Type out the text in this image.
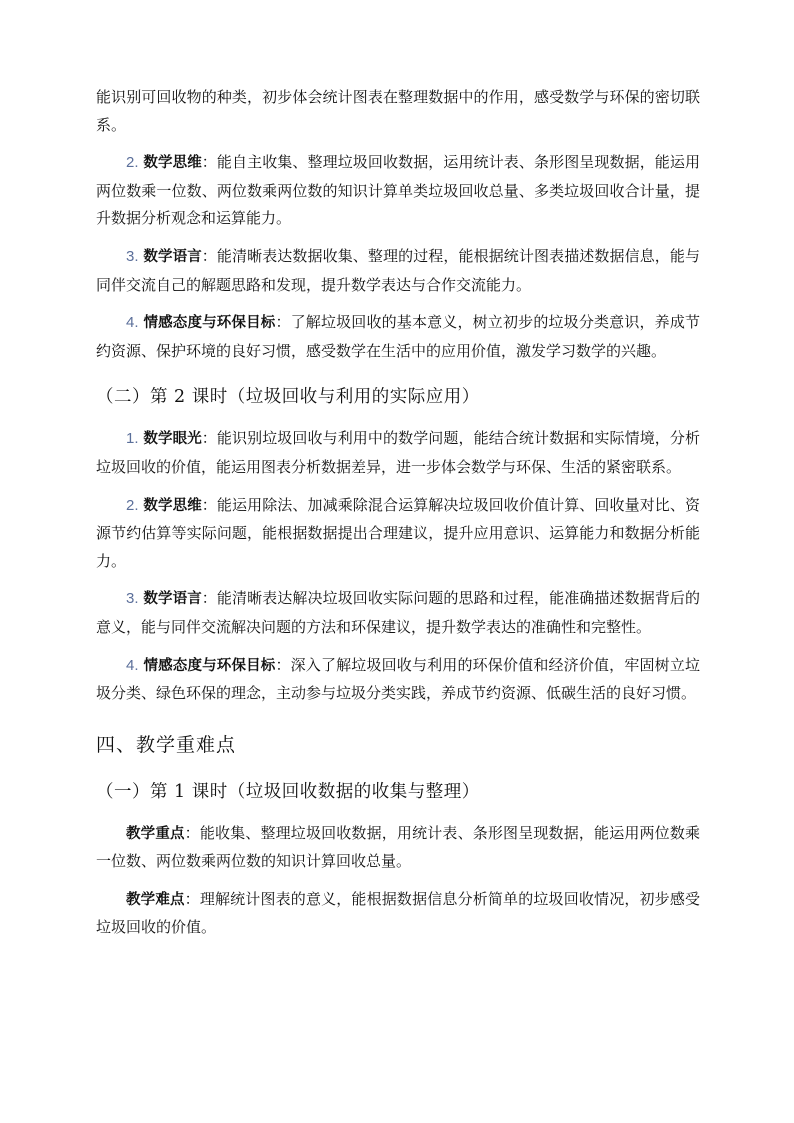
能识别可回收物的种类，初步体会统计图表在整理数据中的作用，感受数学与环保的密切联系。

2. 数学思维：能自主收集、整理垃圾回收数据，运用统计表、条形图呈现数据，能运用两位数乘一位数、两位数乘两位数的知识计算单类垃圾回收总量、多类垃圾回收合计量，提升数据分析观念和运算能力。

3. 数学语言：能清晰表达数据收集、整理的过程，能根据统计图表描述数据信息，能与同伴交流自己的解题思路和发现，提升数学表达与合作交流能力。

4. 情感态度与环保目标：了解垃圾回收的基本意义，树立初步的垃圾分类意识，养成节约资源、保护环境的良好习惯，感受数学在生活中的应用价值，激发学习数学的兴趣。

（二）第 2 课时（垃圾回收与利用的实际应用）

1. 数学眼光：能识别垃圾回收与利用中的数学问题，能结合统计数据和实际情境，分析垃圾回收的价值，能运用图表分析数据差异，进一步体会数学与环保、生活的紧密联系。

2. 数学思维：能运用除法、加减乘除混合运算解决垃圾回收价值计算、回收量对比、资源节约估算等实际问题，能根据数据提出合理建议，提升应用意识、运算能力和数据分析能力。

3. 数学语言：能清晰表达解决垃圾回收实际问题的思路和过程，能准确描述数据背后的意义，能与同伴交流解决问题的方法和环保建议，提升数学表达的准确性和完整性。

4. 情感态度与环保目标：深入了解垃圾回收与利用的环保价值和经济价值，牢固树立垃圾分类、绿色环保的理念，主动参与垃圾分类实践，养成节约资源、低碳生活的良好习惯。

四、教学重难点
（一）第 1 课时（垃圾回收数据的收集与整理）

教学重点：能收集、整理垃圾回收数据，用统计表、条形图呈现数据，能运用两位数乘一位数、两位数乘两位数的知识计算回收总量。

教学难点：理解统计图表的意义，能根据数据信息分析简单的垃圾回收情况，初步感受垃圾回收的价值。
